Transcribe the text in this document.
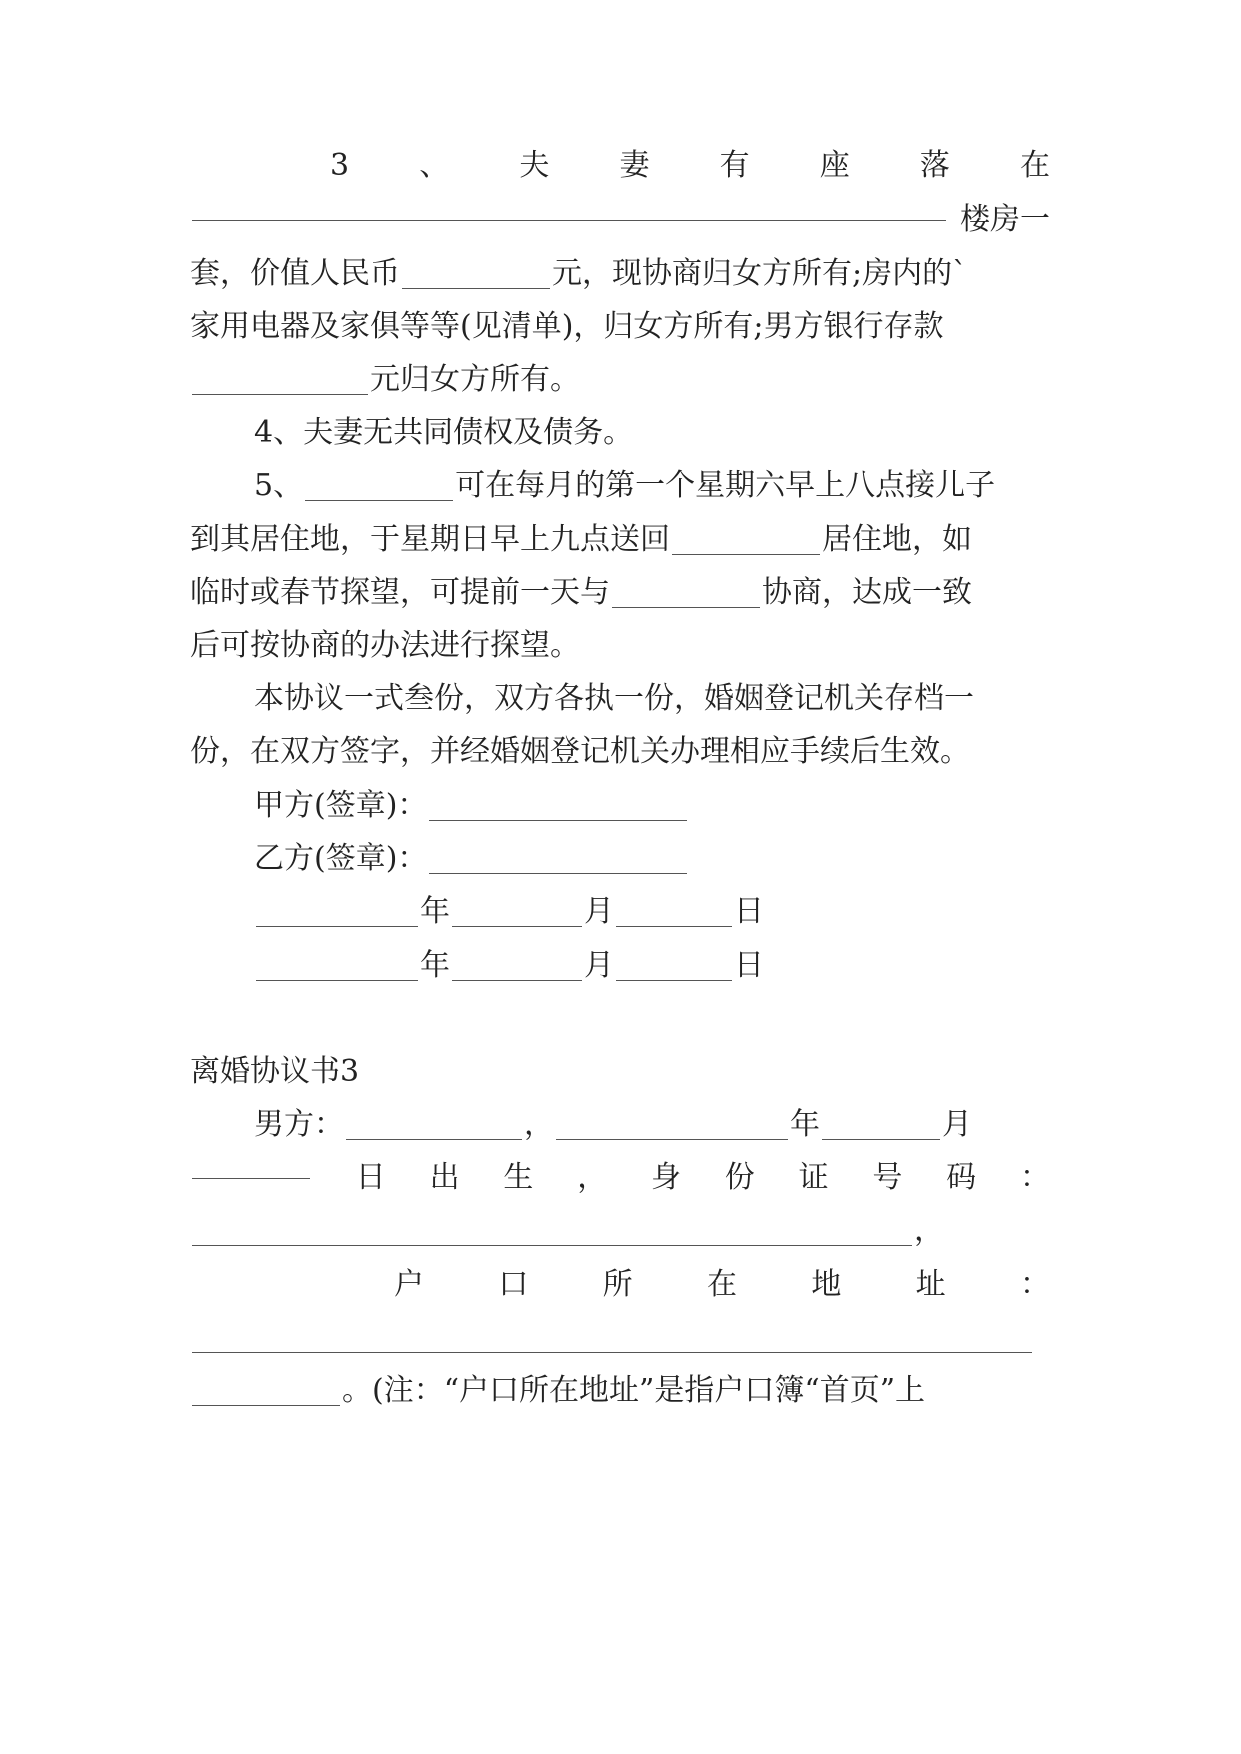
3 、 夫 妻 有 座 落 在
楼房一
套，价值人民币	元，现协商归女方所有;房内的`
家用电器及家俱等等(见清单)，归女方所有;男方银行存款
元归女方所有。
4、夫妻无共同债权及债务。
5、	可在每月的第一个星期六早上八点接儿子
到其居住地，于星期日早上九点送回	居住地，如
临时或春节探望，可提前一天与	协商，达成一致
后可按协商的办法进行探望。
本协议一式叁份，双方各执一份，婚姻登记机关存档一
份，在双方签字，并经婚姻登记机关办理相应手续后生效。
甲方(签章)：
乙方(签章)：
年	月	日
年	月	日
离婚协议书3
男方：	，	年	月
日 出 生 ， 身 份 证 号 码 ：
，
户 口 所 在 地 址 ：
。(注：“户口所在地址”是指户口簿“首页”上
